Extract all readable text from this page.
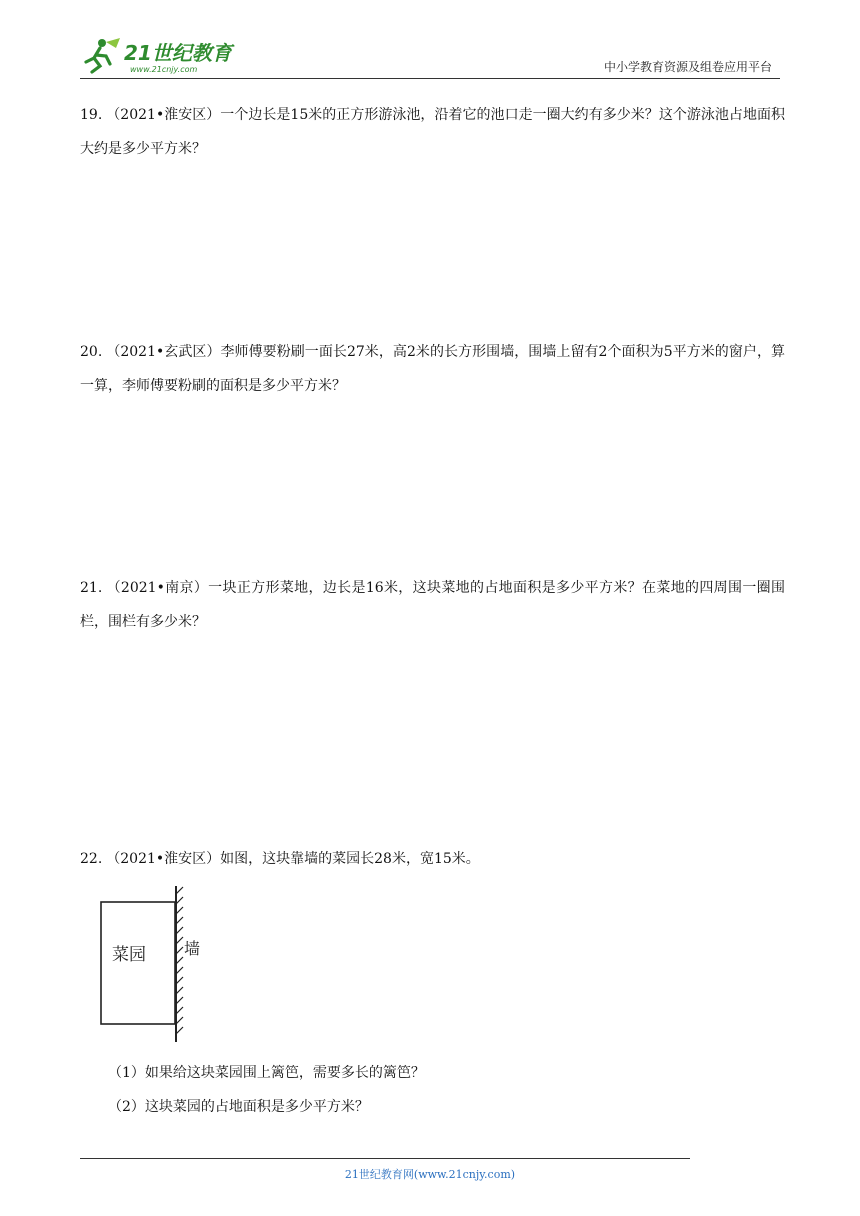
21世纪教育
www.21cnjy.com	中小学教育资源及组卷应用平台
19. （2021•淮安区）一个边长是15米的正方形游泳池，沿着它的池口走一圈大约有多少米？这个游泳池占地面积大约是多少平方米？
20. （2021•玄武区）李师傅要粉刷一面长27米，高2米的长方形围墙，围墙上留有2个面积为5平方米的窗户，算一算，李师傅要粉刷的面积是多少平方米？
21. （2021•南京）一块正方形菜地，边长是16米，这块菜地的占地面积是多少平方米？在菜地的四周围一圈围栏，围栏有多少米？
22. （2021•淮安区）如图，这块靠墙的菜园长28米，宽15米。
菜园 墙
（1）如果给这块菜园围上篱笆，需要多长的篱笆？
（2）这块菜园的占地面积是多少平方米？
21世纪教育网(www.21cnjy.com)
